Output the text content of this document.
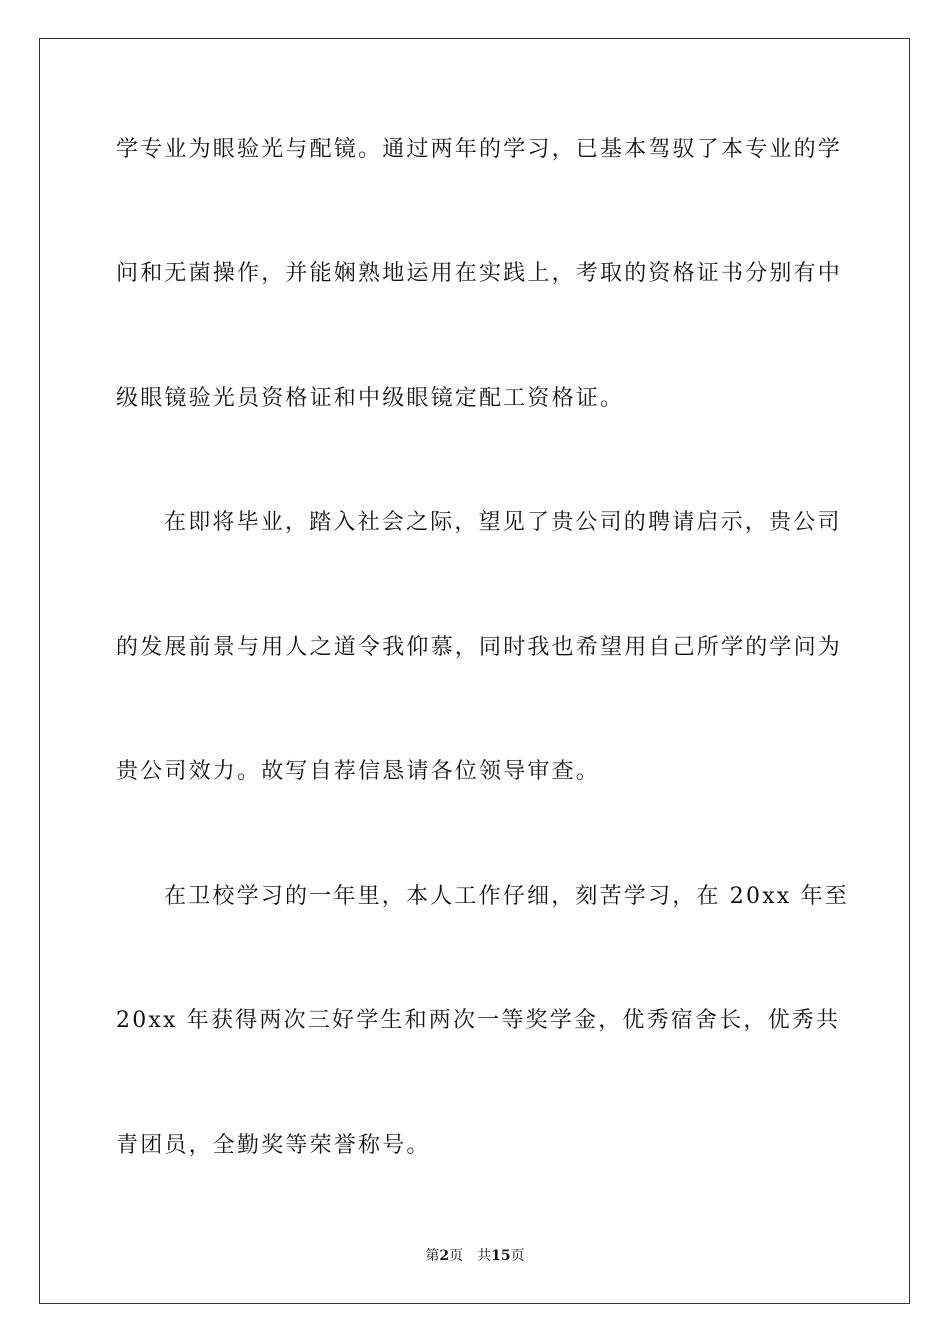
学专业为眼验光与配镜。通过两年的学习，已基本驾驭了本专业的学
问和无菌操作，并能娴熟地运用在实践上，考取的资格证书分别有中
级眼镜验光员资格证和中级眼镜定配工资格证。
在即将毕业，踏入社会之际，望见了贵公司的聘请启示，贵公司
的发展前景与用人之道令我仰慕，同时我也希望用自己所学的学问为
贵公司效力。故写自荐信恳请各位领导审查。
在卫校学习的一年里，本人工作仔细，刻苦学习，在 20xx 年至
20xx 年获得两次三好学生和两次一等奖学金，优秀宿舍长，优秀共
青团员，全勤奖等荣誉称号。
第2页 共15页
